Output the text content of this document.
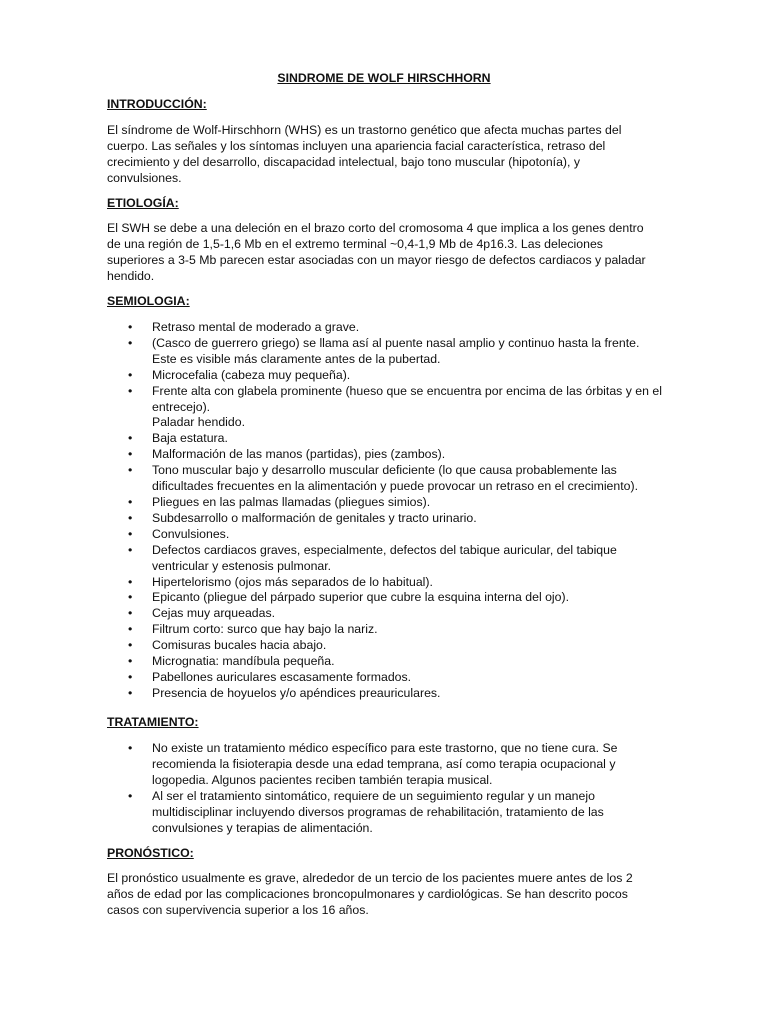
SINDROME DE WOLF HIRSCHHORN
INTRODUCCIÓN:

El síndrome de Wolf-Hirschhorn (WHS) es un trastorno genético que afecta muchas partes del cuerpo. Las señales y los síntomas incluyen una apariencia facial característica, retraso del crecimiento y del desarrollo, discapacidad intelectual, bajo tono muscular (hipotonía), y convulsiones.

ETIOLOGÍA:

El SWH se debe a una deleción en el brazo corto del cromosoma 4 que implica a los genes dentro de una región de 1,5-1,6 Mb en el extremo terminal ~0,4-1,9 Mb de 4p16.3. Las deleciones superiores a 3-5 Mb parecen estar asociadas con un mayor riesgo de defectos cardiacos y paladar hendido.

SEMIOLOGIA:
• Retraso mental de moderado a grave.
• (Casco de guerrero griego) se llama así al puente nasal amplio y continuo hasta la frente. Este es visible más claramente antes de la pubertad.
• Microcefalia (cabeza muy pequeña).
• Frente alta con glabela prominente (hueso que se encuentra por encima de las órbitas y en el entrecejo).
Paladar hendido.
• Baja estatura.
• Malformación de las manos (partidas), pies (zambos).
• Tono muscular bajo y desarrollo muscular deficiente (lo que causa probablemente las dificultades frecuentes en la alimentación y puede provocar un retraso en el crecimiento).
• Pliegues en las palmas llamadas (pliegues simios).
• Subdesarrollo o malformación de genitales y tracto urinario.
• Convulsiones.
• Defectos cardiacos graves, especialmente, defectos del tabique auricular, del tabique ventricular y estenosis pulmonar.
• Hipertelorismo (ojos más separados de lo habitual).
• Epicanto (pliegue del párpado superior que cubre la esquina interna del ojo).
• Cejas muy arqueadas.
• Filtrum corto: surco que hay bajo la nariz.
• Comisuras bucales hacia abajo.
• Micrognatia: mandíbula pequeña.
• Pabellones auriculares escasamente formados.
• Presencia de hoyuelos y/o apéndices preauriculares.
TRATAMIENTO:
• No existe un tratamiento médico específico para este trastorno, que no tiene cura. Se recomienda la fisioterapia desde una edad temprana, así como terapia ocupacional y logopedia. Algunos pacientes reciben también terapia musical.
• Al ser el tratamiento sintomático, requiere de un seguimiento regular y un manejo multidisciplinar incluyendo diversos programas de rehabilitación, tratamiento de las convulsiones y terapias de alimentación.
PRONÓSTICO:

El pronóstico usualmente es grave, alrededor de un tercio de los pacientes muere antes de los 2 años de edad por las complicaciones broncopulmonares y cardiológicas. Se han descrito pocos casos con supervivencia superior a los 16 años.
